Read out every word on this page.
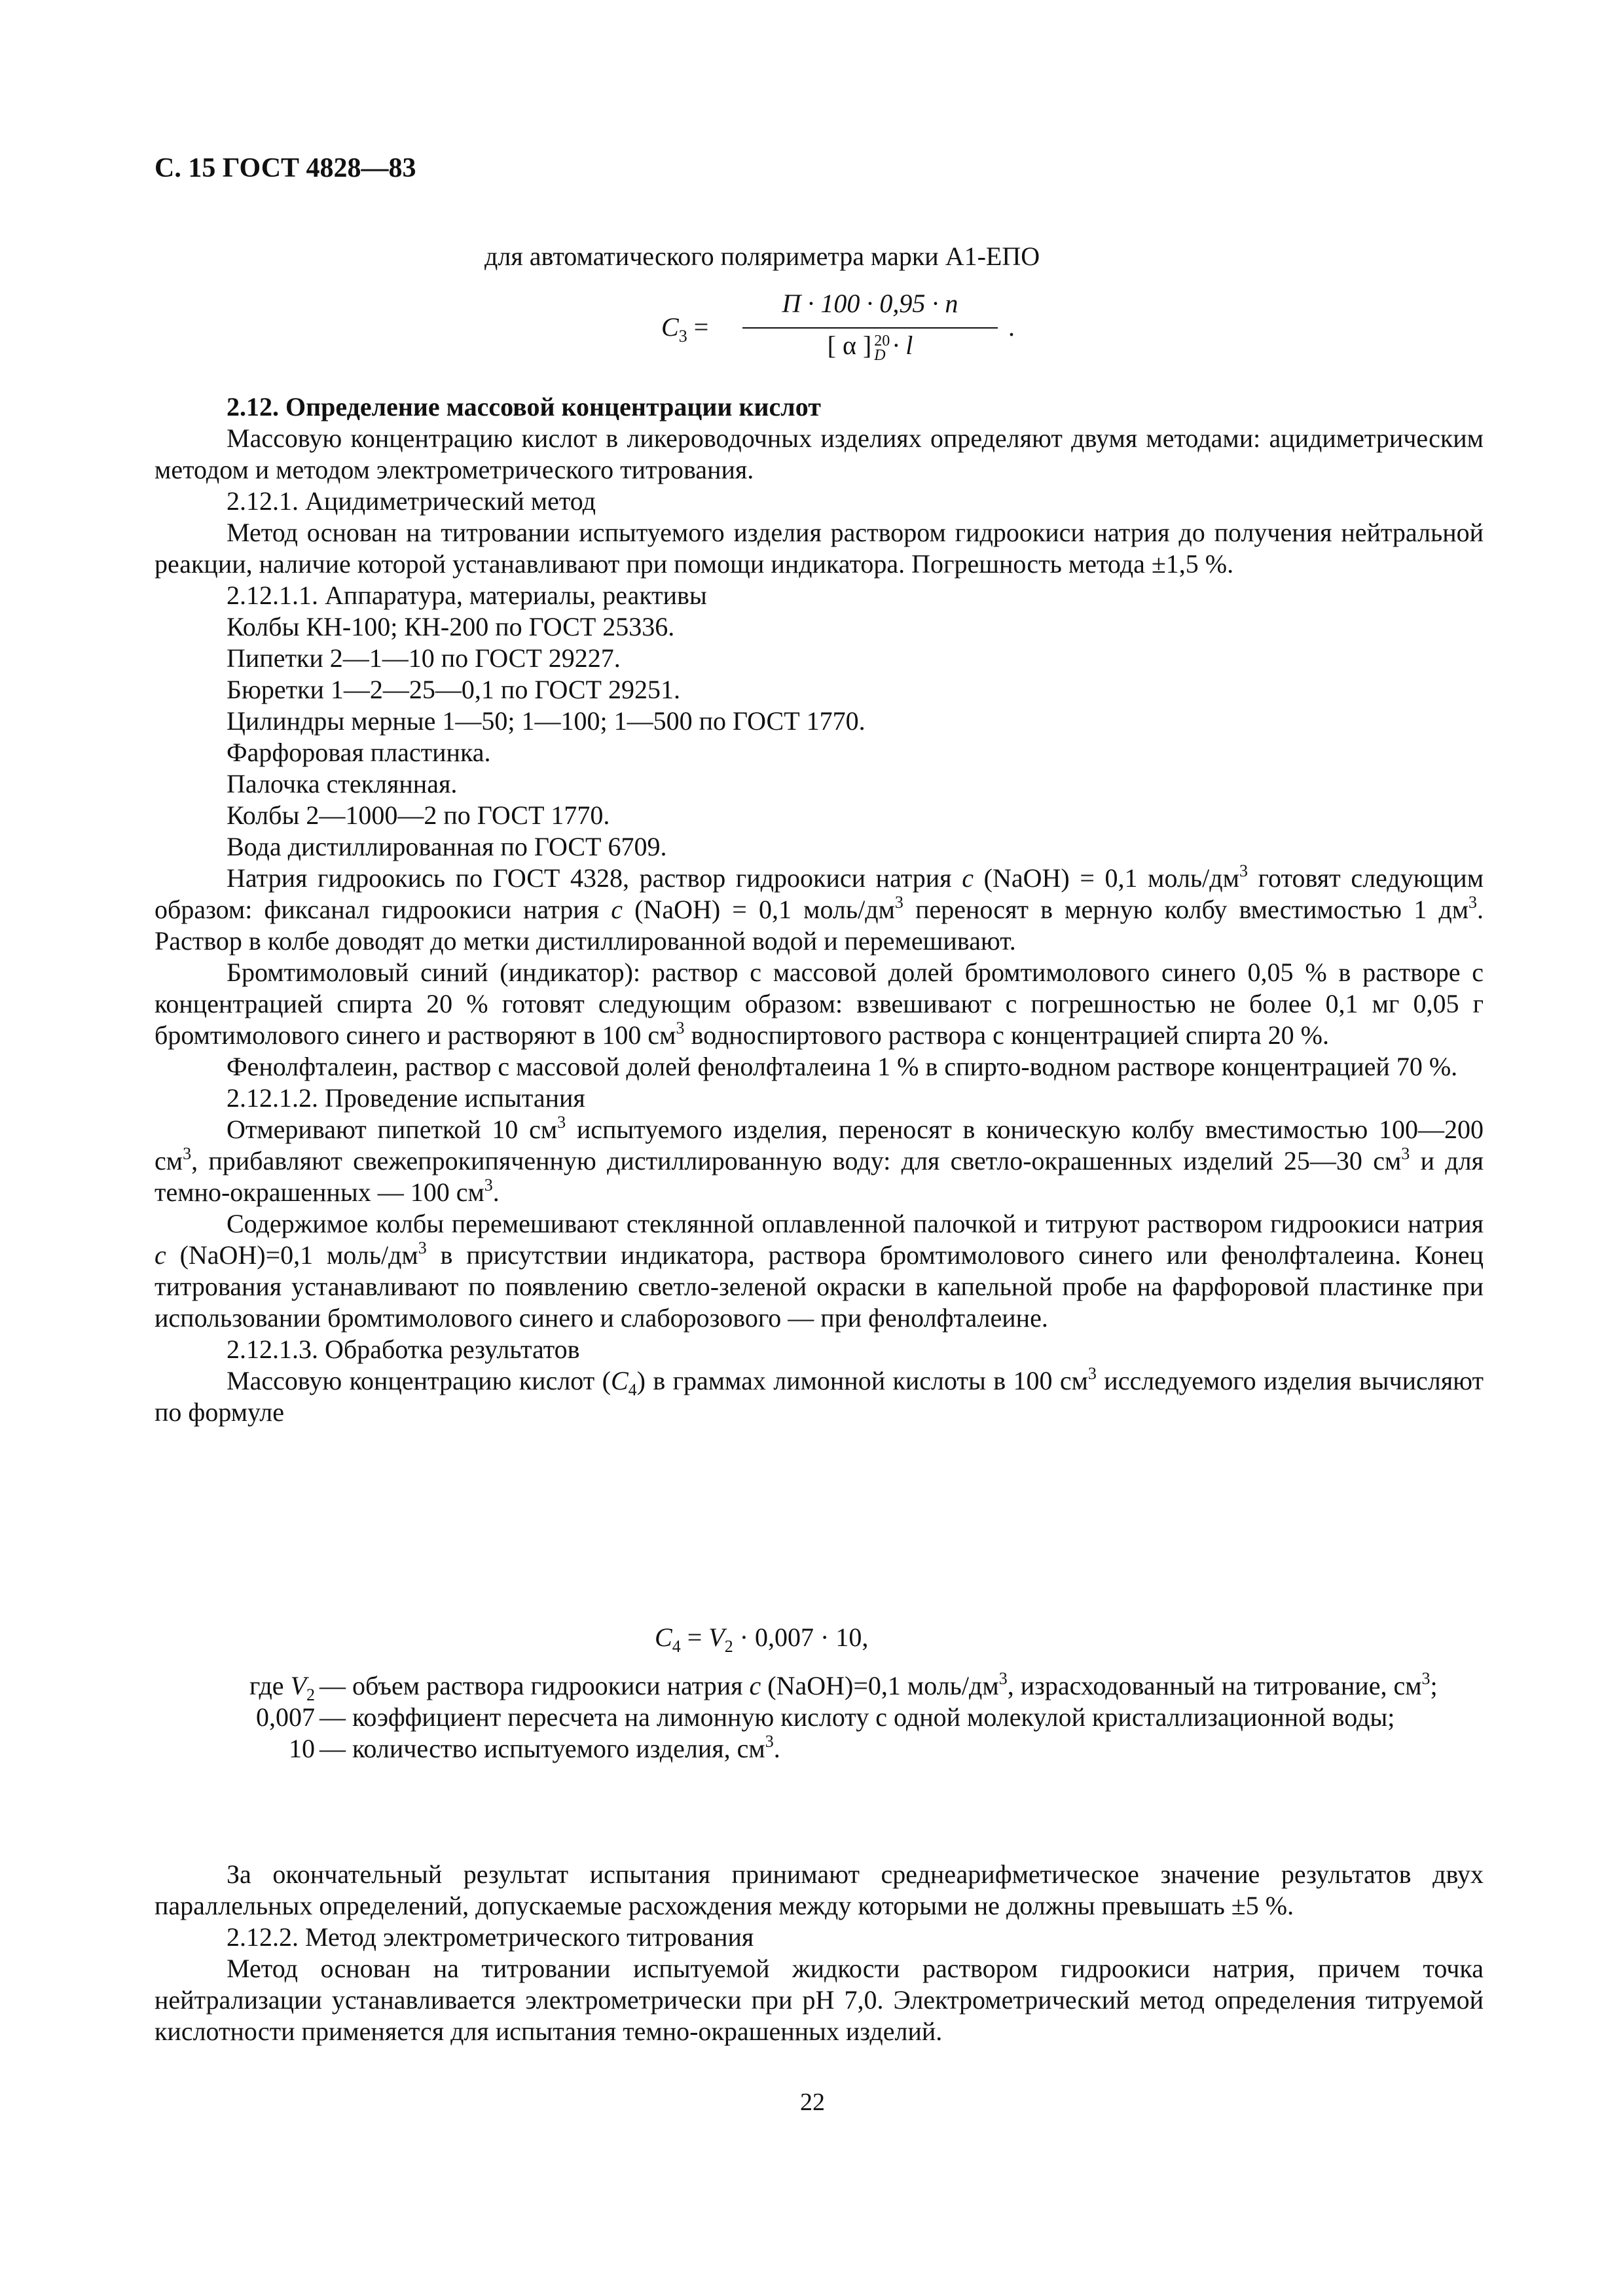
С. 15 ГОСТ 4828—83
для автоматического поляриметра марки А1-ЕПО
$C_3$ =
П · 100 · 0,95 · n
[ α ] 20
D · l
.

2.12. Определение массовой концентрации кислот

Массовую концентрацию кислот в ликероводочных изделиях определяют двумя методами: ацидиметрическим методом и методом электрометрического титрования.

2.12.1. Ацидиметрический метод

Метод основан на титровании испытуемого изделия раствором гидроокиси натрия до получения нейтральной реакции, наличие которой устанавливают при помощи индикатора. Погрешность метода ±1,5 %.

2.12.1.1. Аппаратура, материалы, реактивы

Колбы КН-100; КН-200 по ГОСТ 25336.

Пипетки 2—1—10 по ГОСТ 29227.

Бюретки 1—2—25—0,1 по ГОСТ 29251.

Цилиндры мерные 1—50; 1—100; 1—500 по ГОСТ 1770.

Фарфоровая пластинка.

Палочка стеклянная.

Колбы 2—1000—2 по ГОСТ 1770.

Вода дистиллированная по ГОСТ 6709.

Натрия гидроокись по ГОСТ 4328, раствор гидроокиси натрия c (NaOH) = 0,1 моль/$дм^3$ готовят следующим образом: фиксанал гидроокиси натрия c (NaOH) = 0,1 моль/$дм^3$ переносят в мерную колбу вместимостью 1 $дм^3$. Раствор в колбе доводят до метки дистиллированной водой и перемешивают.

Бромтимоловый синий (индикатор): раствор с массовой долей бромтимолового синего 0,05 % в растворе с концентрацией спирта 20 % готовят следующим образом: взвешивают с погрешностью не более 0,1 мг 0,05 г бромтимолового синего и растворяют в 100 $см^3$ водноспиртового раствора с концентрацией спирта 20 %.

Фенолфталеин, раствор с массовой долей фенолфталеина 1 % в спирто-водном растворе концентрацией 70 %.

2.12.1.2. Проведение испытания

Отмеривают пипеткой 10 $см^3$ испытуемого изделия, переносят в коническую колбу вместимостью 100—200 $см^3$, прибавляют свежепрокипяченную дистиллированную воду: для светло-окрашенных изделий 25—30 $см^3$ и для темно-окрашенных — 100 $см^3$.

Содержимое колбы перемешивают стеклянной оплавленной палочкой и титруют раствором гидроокиси натрия c (NaOH)=0,1 моль/$дм^3$ в присутствии индикатора, раствора бромтимолового синего или фенолфталеина. Конец титрования устанавливают по появлению светло-зеленой окраски в капельной пробе на фарфоровой пластинке при использовании бромтимолового синего и слаборозового — при фенолфталеине.

2.12.1.3. Обработка результатов

Массовую концентрацию кислот $(C_4)$ в граммах лимонной кислоты в 100 $см^3$ исследуемого изделия вычисляют по формуле

$C_4 = V_2 \cdot 0,007 \cdot 10$,
где $V_2$ — объем раствора гидроокиси натрия c (NaOH)=0,1 моль/$дм^3$, израсходованный на титрование, $см^3$;
0,007 — коэффициент пересчета на лимонную кислоту с одной молекулой кристаллизационной воды;
10 — количество испытуемого изделия, $см^3$.

За окончательный результат испытания принимают среднеарифметическое значение результатов двух параллельных определений, допускаемые расхождения между которыми не должны превышать ±5 %.

2.12.2. Метод электрометрического титрования

Метод основан на титровании испытуемой жидкости раствором гидроокиси натрия, причем точка нейтрализации устанавливается электрометрически при pH 7,0. Электрометрический метод определения титруемой кислотности применяется для испытания темно-окрашенных изделий.

22
